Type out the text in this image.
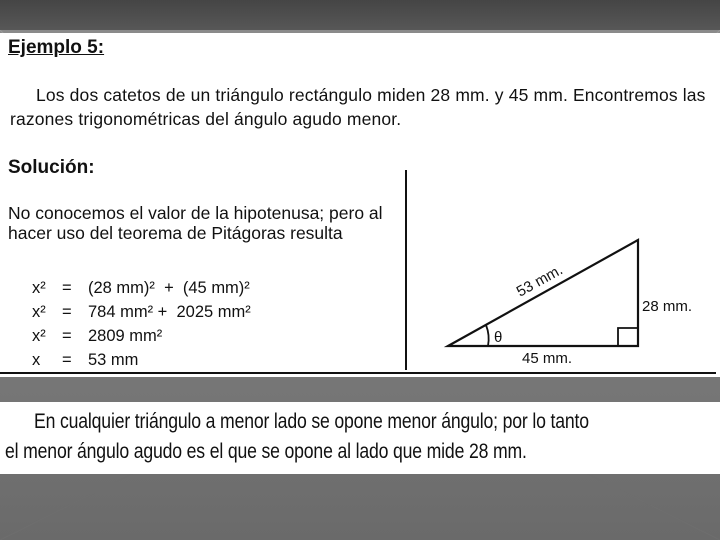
Ejemplo 5:

Los dos catetos de un triángulo rectángulo miden 28 mm. y 45 mm. Encontremos las razones trigonométricas del ángulo agudo menor.

Solución:

No conocemos el valor de la hipotenusa; pero al hacer uso del teorema de Pitágoras resulta

x² = (28 mm)²  +  (45 mm)²
x² = 784 mm² +  2025 mm²
x² = 2809 mm²
x = 53 mm
θ
53 mm.
28 mm.
45 mm.

En cualquier triángulo a menor lado se opone menor ángulo; por lo tanto

el menor ángulo agudo es el que se opone al lado que mide 28 mm.
